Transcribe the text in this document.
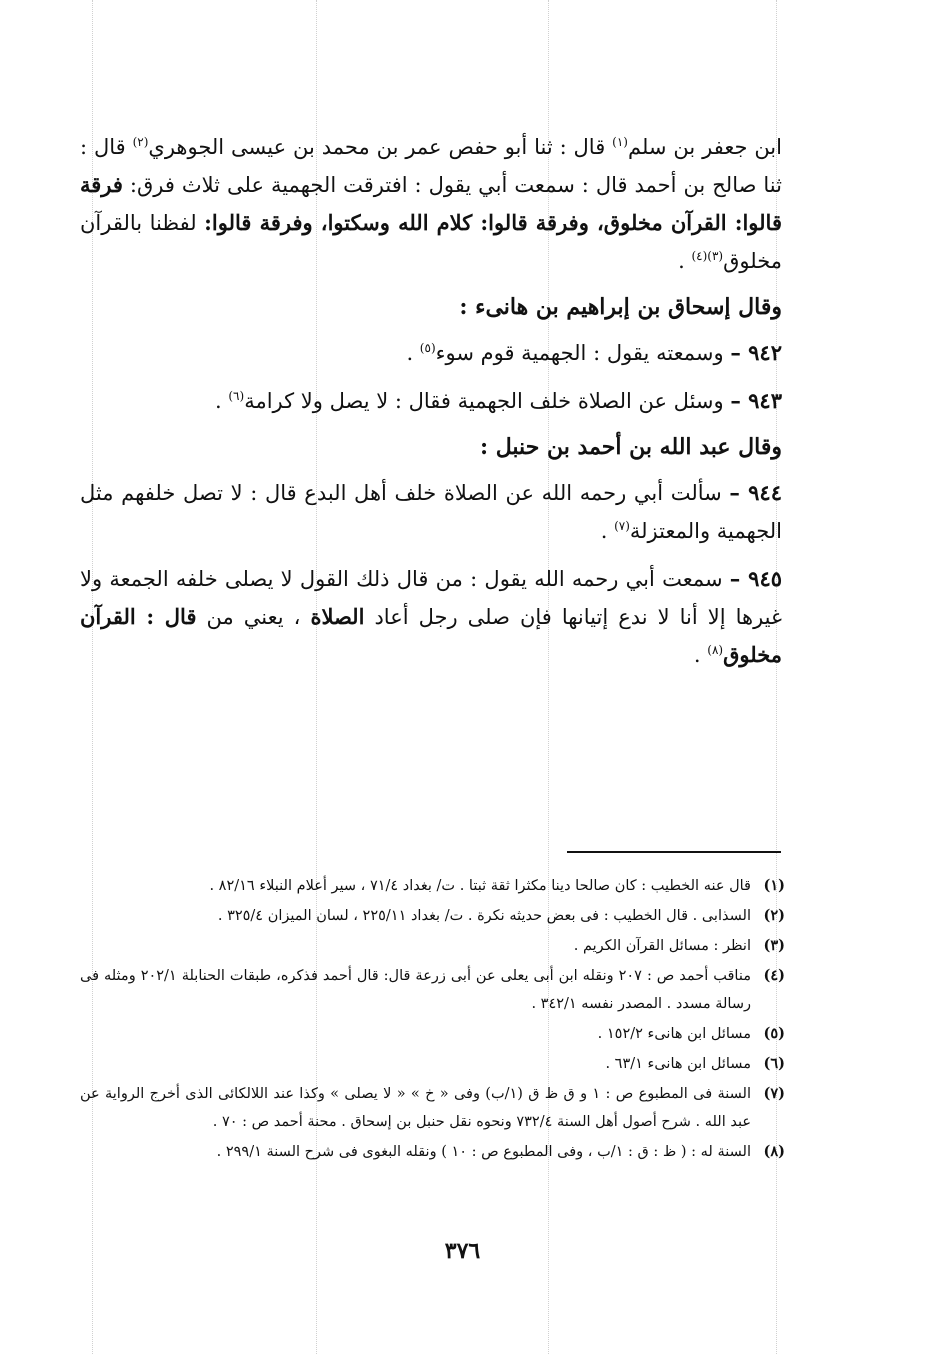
ابن جعفر بن سلم$^{(١)}$ قال : ثنا أبو حفص عمر بن محمد بن عيسى الجوهري$^{(٢)}$ قال : ثنا صالح بن أحمد قال : سمعت أبي يقول : افترقت الجهمية على ثلاث فرق: فرقة قالوا: القرآن مخلوق، وفرقة قالوا: كلام الله وسكتوا، وفرقة قالوا: لفظنا بالقرآن مخلوق$^{(٣)(٤)}$ .

وقال إسحاق بن إبراهيم بن هانىء :

٩٤٢ – وسمعته يقول : الجهمية قوم سوء$^{(٥)}$ .

٩٤٣ – وسئل عن الصلاة خلف الجهمية فقال : لا يصل ولا كرامة$^{(٦)}$ .

وقال عبد الله بن أحمد بن حنبل :

٩٤٤ – سألت أبي رحمه الله عن الصلاة خلف أهل البدع قال : لا تصل خلفهم مثل الجهمية والمعتزلة$^{(٧)}$ .

٩٤٥ – سمعت أبي رحمه الله يقول : من قال ذلك القول لا يصلى خلفه الجمعة ولا غيرها إلا أنا لا ندع إتيانها فإن صلى رجل أعاد الصلاة ، يعني من قال : القرآن مخلوق$^{(٨)}$ .

(١)
قال عنه الخطيب : كان صالحا دينا مكثرا ثقة ثبتا . ت/ بغداد ٧١/٤ ، سير أعلام النبلاء ٨٢/١٦ .
(٢)
السذابى . قال الخطيب : فى بعض حديثه نكرة . ت/ بغداد ٢٢٥/١١ ، لسان الميزان ٣٢٥/٤ .
(٣)
انظر : مسائل القرآن الكريم .
(٤)
مناقب أحمد ص : ٢٠٧ ونقله ابن أبى يعلى عن أبى زرعة قال: قال أحمد فذكره، طبقات الحنابلة ٢٠٢/١ ومثله فى رسالة مسدد . المصدر نفسه ٣٤٢/١ .
(٥)
مسائل ابن هانىء ١٥٢/٢ .
(٦)
مسائل ابن هانىء ٦٣/١ .
(٧)
السنة فى المطبوع ص : ١ و ق ظ ق (١/ب) وفى « خ » « لا يصلى » وكذا عند اللالكائى الذى أخرج الرواية عن عبد الله . شرح أصول أهل السنة ٧٣٢/٤ ونحوه نقل حنبل بن إسحاق . محنة أحمد ص : ٧٠ .
(٨)
السنة له : ( ظ : ق : ١/ب ، وفى المطبوع ص : ١٠ ) ونقله البغوى فى شرح السنة ٢٩٩/١ .
٣٧٦
